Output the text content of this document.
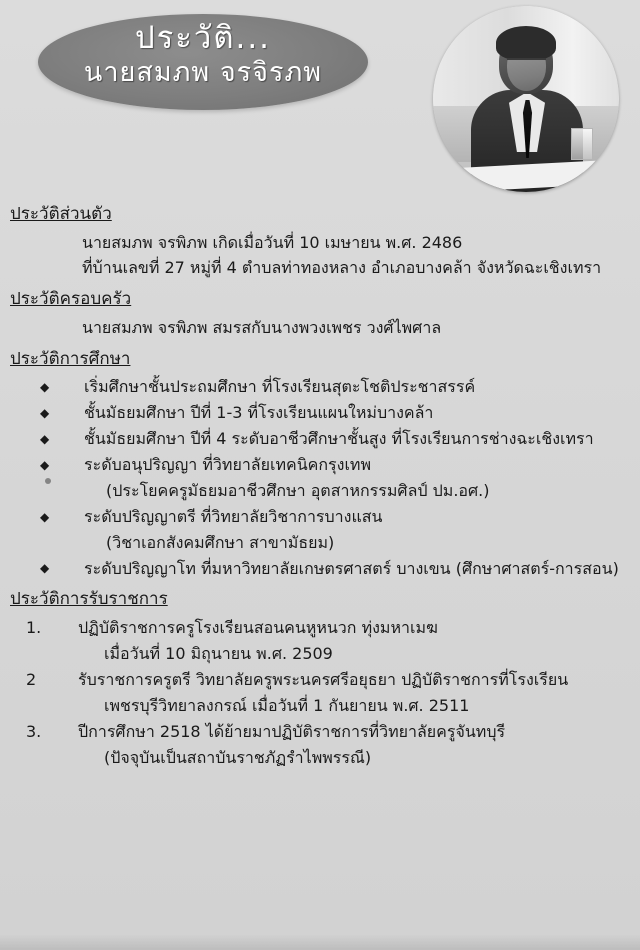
ประวัติ...
นายสมภพ จรจิรภพ
ประวัติส่วนตัว
นายสมภพ จรพิภพ เกิดเมื่อวันที่ 10 เมษายน พ.ศ. 2486
ที่บ้านเลขที่ 27 หมู่ที่ 4 ตำบลท่าทองหลาง อำเภอบางคล้า จังหวัดฉะเชิงเทรา
ประวัติครอบครัว
นายสมภพ จรพิภพ สมรสกับนางพวงเพชร วงศ์ไพศาล
ประวัติการศึกษา
◆ เริ่มศึกษาชั้นประถมศึกษา ที่โรงเรียนสุตะโชติประชาสรรค์
◆ ชั้นมัธยมศึกษา ปีที่ 1-3 ที่โรงเรียนแผนใหม่บางคล้า
◆ ชั้นมัธยมศึกษา ปีที่ 4 ระดับอาชีวศึกษาชั้นสูง ที่โรงเรียนการช่างฉะเชิงเทรา
◆ ระดับอนุปริญญา ที่วิทยาลัยเทคนิคกรุงเทพ
(ประโยคครูมัธยมอาชีวศึกษา อุตสาหกรรมศิลป์ ปม.อศ.)
◆ ระดับปริญญาตรี ที่วิทยาลัยวิชาการบางแสน
(วิชาเอกสังคมศึกษา สาขามัธยม)
◆ ระดับปริญญาโท ที่มหาวิทยาลัยเกษตรศาสตร์ บางเขน (ศึกษาศาสตร์-การสอน)
ประวัติการรับราชการ
1. ปฏิบัติราชการครูโรงเรียนสอนคนหูหนวก ทุ่งมหาเมฆ
เมื่อวันที่ 10 มิถุนายน พ.ศ. 2509
2	รับราชการครูตรี วิทยาลัยครูพระนครศรีอยุธยา ปฏิบัติราชการที่โรงเรียน
เพชรบุรีวิทยาลงกรณ์ เมื่อวันที่ 1 กันยายน พ.ศ. 2511
3. ปีการศึกษา 2518 ได้ย้ายมาปฏิบัติราชการที่วิทยาลัยครูจันทบุรี
(ปัจจุบันเป็นสถาบันราชภัฏรำไพพรรณี)
